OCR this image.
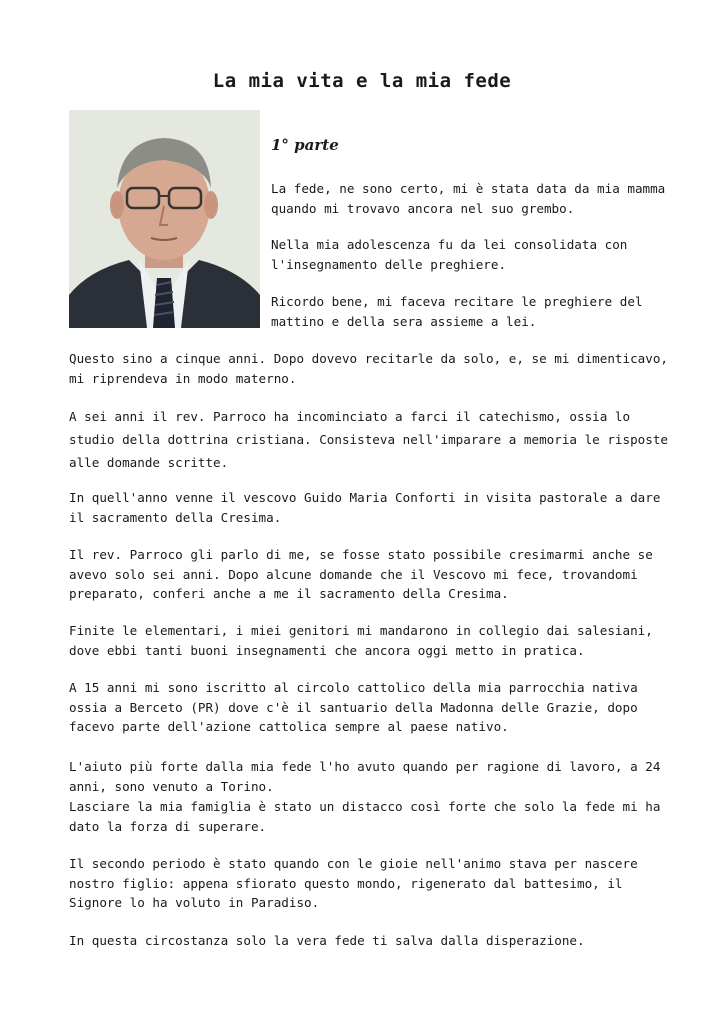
La mia vita e la mia fede
1° parte

La fede, ne sono certo, mi è stata data da mia mamma
quando mi trovavo ancora nel suo grembo.

Nella mia adolescenza fu da lei consolidata con
l'insegnamento delle preghiere.

Ricordo bene, mi faceva recitare le preghiere del
mattino e della sera assieme a lei.

Questo sino a cinque anni. Dopo dovevo recitarle da solo, e, se mi dimenticavo,
mi riprendeva in modo materno.

A sei anni il rev. Parroco ha incominciato a farci il catechismo, ossia lo
studio della dottrina cristiana. Consisteva nell'imparare a memoria le risposte
alle domande scritte.

In quell'anno venne il vescovo Guido Maria Conforti in visita pastorale a dare
il sacramento della Cresima.

Il rev. Parroco gli parlo di me, se fosse stato possibile cresimarmi anche se
avevo solo sei anni. Dopo alcune domande che il Vescovo mi fece, trovandomi
preparato, conferi anche a me il sacramento della Cresima.

Finite le elementari, i miei genitori mi mandarono in collegio dai salesiani,
dove ebbi tanti buoni insegnamenti che ancora oggi metto in pratica.

A 15 anni mi sono iscritto al circolo cattolico della mia parrocchia nativa
ossia a Berceto (PR) dove c'è il santuario della Madonna delle Grazie, dopo
facevo parte dell'azione cattolica sempre al paese nativo.

L'aiuto più forte dalla mia fede l'ho avuto quando per ragione di lavoro, a 24
anni, sono venuto a Torino.
Lasciare la mia famiglia è stato un distacco così forte che solo la fede mi ha
dato la forza di superare.

Il secondo periodo è stato quando con le gioie nell'animo stava per nascere
nostro figlio: appena sfiorato questo mondo, rigenerato dal battesimo, il
Signore lo ha voluto in Paradiso.

In questa circostanza solo la vera fede ti salva dalla disperazione.
